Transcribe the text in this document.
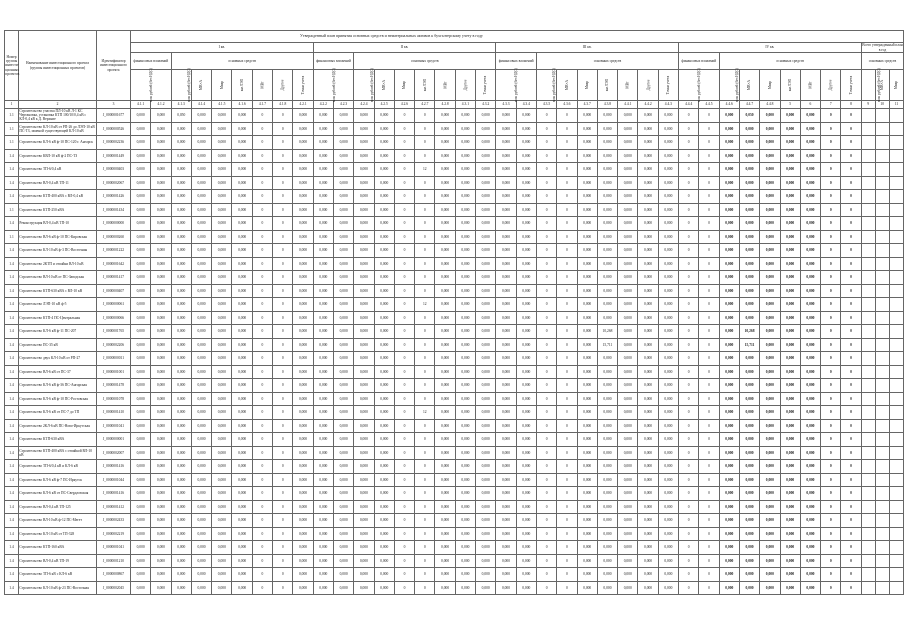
Утвержденный план принятия основных средств и нематериальных активов к бухгалтерскому учету в году
Номер группы инвести- ционных проектов	Наименование инвестиционного проекта (группы инвестиционных проектов)	Идентификатор инвестиционного проекта																																							
			I кв.									II кв.									III кв.									IV кв.									Всего утвержденный план в год		
			финансовых вложений		основных средств							финансовых вложений		основных средств							финансовых вложений		основных средств							финансовых вложений		основных средств							основных средств		
			млн рублей (без НДС)		млн рублей (без НДС)	МВ×А	Мвар	км ЛЭП	МВт	Другое	Точки учета	млн рублей (без НДС)		млн рублей (без НДС)	МВ×А	Мвар	км ЛЭП	МВт	Другое	Точки учета	млн рублей (без НДС)		млн рублей (без НДС)	МВ×А	Мвар	км ЛЭП	МВт	Другое	Точки учета	млн рублей (без НДС)		млн рублей (без НДС)	МВ×А	Мвар	км ЛЭП	МВт	Другое	Точки учета	млн рублей (без НДС)	МВ×А	Мвар
1	2	3	4.1.1	4.1.2	4.1.3	4.1.4	4.1.5	4.1.6	4.1.7	4.1.8	4.2.1	4.2.2	4.2.3	4.2.4	4.2.5	4.2.6	4.2.7	4.2.8	4.3.1	4.3.2	4.3.3	4.3.4	4.3.5	4.3.6	4.3.7	4.3.8	4.4.1	4.4.2	4.4.3	4.4.4	4.4.5	4.4.6	4.4.7	4.4.8	5	6	7	8	9	10	11
1.1	Строительство участка ПЛ-10 кВ Л-1 КС Чертановка, установка КТП 100/10/0,4 кВ с КЛ-0,4 кВ к Д. Верхние	J_0000001677	0,000	0,000	0,050	0,000	0,000	0,000	0	0	0,000	0,000	0,000	0,000	0,000	0	0	0,000	0,000	0,000	0,000	0,000	0	0	0,000	0,000	0,000	0,000	0,000	0	0	0,000	0,050	0,000	0,000	0,000	0	0			
1.1	Строительство КЛ-10 кВ от РП-26 до ЛЭП-10 кВ ПС-ТЗ, заменой существующей КЛ-10 кВ	J_0000000526	0,000	0,000	0,000	0,000	0,000	0,000	0	0	0,000	0,000	0,000	0,000	0,000	0	0	0,000	0,000	0,000	0,000	0,000	0	0	0,000	0,000	0,000	0,000	0,000	0	0	0,000	0,000	0,000	0,000	0,000	0	0			
1.1	Строительство КЛ-6 кВ ф-10 ПС-120 г. Ангарск	J_0000002236	0,000	0,000	0,000	0,000	0,000	0,000	0	0	0,000	0,000	0,000	0,000	0,000	0	0	0,000	0,000	0,000	0,000	0,000	0	0	0,000	0,000	0,000	0,000	0,000	0	0	0,000	0,000	0,000	0,000	0,000	0	0			
1.4	Строительство КВЛ-10 кВ ф-2 ПС-ТЗ	J_0000001449	0,000	0,000	0,000	0,000	0,000	0,000	0	0	0,000	0,000	0,000	0,000	0,000	0	0	0,000	0,000	0,000	0,000	0,000	0	0	0,000	0,000	0,000	0,000	0,000	0	0	0,000	0,000	0,000	0,000	0,000	0	0			
1.4	Строительство ТП-6/0,4 кВ	J_0000000403	0,000	0,000	0,000	0,000	0,000	0,000	0	0	0,000	0,000	0,000	0,000	0,000	0	12	0,000	0,000	0,000	0,000	0,000	0	0	0,000	0,000	0,000	0,000	0,000	0	0	0,000	0,000	0,000	0,000	0,000	0	0			
1.4	Строительство ВЛ-0,4 кВ ТП-11	J_0000002067	0,000	0,000	0,000	0,000	0,000	0,000	0	0	0,000	0,000	0,000	0,000	0,000	0	0	0,000	0,000	0,000	0,000	0,000	0	0	0,000	0,000	0,000	0,000	0,000	0	0	0,000	0,000	0,000	0,000	0,000	0	0			
1.4	Строительство КТП-400 кВА с ВЛ-0,4 кВ	J_0000001426	0,000	0,000	0,000	0,000	0,000	0,000	0	0	0,000	0,000	0,000	0,000	0,000	0	0	0,000	0,000	0,000	0,000	0,000	0	0	0,000	0,000	0,000	0,000	0,000	0	0	0,000	0,000	0,000	0,000	0,000	0	0			
1.1	Строительство КТП-250 кВА	J_0000001434	0,000	0,000	0,000	0,000	0,000	0,000	0	0	0,000	0,000	0,000	0,000	0,000	0	0	0,000	0,000	0,000	0,000	0,000	0	0	0,000	0,000	0,000	0,000	0,000	0	0	0,000	0,000	0,000	0,000	0,000	0	0			
1.4	Реконструкция ВЛ-0,4 кВ ТП-10	J_0000000000	0,000	0,000	0,000	0,000	0,000	0,000	0	0	0,000	0,000	0,000	0,000	0,000	0	0	0,000	0,000	0,000	0,000	0,000	0	0	0,000	0,000	0,000	0,000	0,000	0	0	0,000	0,000	0,000	0,000	0,000	0	0			
1.1	Строительство ВЛ-6 кВ ф-10 ПС-Кировская	J_0000000260	0,000	0,000	0,000	0,000	0,000	0,000	0	0	0,000	0,000	0,000	0,000	0,000	0	0	0,000	0,000	0,000	0,000	0,000	0	0	0,000	0,000	0,000	0,000	0,000	0	0	0,000	0,000	0,000	0,000	0,000	0	0			
1.4	Строительство КЛ-10 кВ ф-3 ПС-Восточная	J_0000001222	0,000	0,000	0,000	0,000	0,000	0,000	0	0	0,000	0,000	0,000	0,000	0,000	0	0	0,000	0,000	0,000	0,000	0,000	0	0	0,000	0,000	0,000	0,000	0,000	0	0	0,000	0,000	0,000	0,000	0,000	0	0			
1.4	Строительство 2КТП и отпайки ВЛ-10 кВ	J_0000001642	0,000	0,000	0,000	0,000	0,000	0,000	0	0	0,000	0,000	0,000	0,000	0,000	0	0	0,000	0,000	0,000	0,000	0,000	0	0	0,000	0,000	0,000	0,000	0,000	0	0	0,000	0,000	0,000	0,000	0,000	0	0			
1.4	Строительство ВЛ-10 кВ от ПС-Заводская	J_0000001417	0,000	0,000	0,000	0,000	0,000	0,000	0	0	0,000	0,000	0,000	0,000	0,000	0	0	0,000	0,000	0,000	0,000	0,000	0	0	0,000	0,000	0,000	0,000	0,000	0	0	0,000	0,000	0,000	0,000	0,000	0	0			
1.4	Строительство КТП-630 кВА с ВЛ-10 кВ	J_0000000407	0,000	0,000	0,000	0,000	0,000	0,000	0	0	0,000	0,000	0,000	0,000	0,000	0	0	0,000	0,000	0,000	0,000	0,000	0	0	0,000	0,000	0,000	0,000	0,000	0	0	0,000	0,000	0,000	0,000	0,000	0	0			
1.4	Строительство ЛЭП-10 кВ ф-5	J_0000000061	0,000	0,000	0,000	0,000	0,000	0,000	0	0	0,000	0,000	0,000	0,000	0,000	0	12	0,000	0,000	0,000	0,000	0,000	0	0	0,000	0,000	0,000	0,000	0,000	0	0	0,000	0,000	0,000	0,000	0,000	0	0			
1.4	Строительство КТП-4 ПС-Центральная	J_0000000066	0,000	0,000	0,000	0,000	0,000	0,000	0	0	0,000	0,000	0,000	0,000	0,000	0	0	0,000	0,000	0,000	0,000	0,000	0	0	0,000	0,000	0,000	0,000	0,000	0	0	0,000	0,000	0,000	0,000	0,000	0	0			
1.4	Строительство КЛ-6 кВ ф-11 ПС-207	J_0000001765	0,000	0,000	0,000	0,000	0,000	0,000	0	0	0,000	0,000	0,000	0,000	0,000	0	0	0,000	0,000	0,000	0,000	0,000	0	0	0,000	10,268	0,000	0,000	0,000	0	0	0,000	10,268	0,000	0,000	0,000	0	0			
1.4	Строительство ПС-35 кВ	J_0000002206	0,000	0,000	0,000	0,000	0,000	0,000	0	0	0,000	0,000	0,000	0,000	0,000	0	0	0,000	0,000	0,000	0,000	0,000	0	0	0,000	15,711	0,000	0,000	0,000	0	0	0,000	15,711	0,000	0,000	0,000	0	0			
1.4	Строительство двух КЛ-10 кВ от РП-27	J_0000000011	0,000	0,000	0,000	0,000	0,000	0,000	0	0	0,000	0,000	0,000	0,000	0,000	0	0	0,000	0,000	0,000	0,000	0,000	0	0	0,000	0,000	0,000	0,000	0,000	0	0	0,000	0,000	0,000	0,000	0,000	0	0			
1.4	Строительство ВЛ-6 кВ от ПС-37	J_0000001001	0,000	0,000	0,000	0,000	0,000	0,000	0	0	0,000	0,000	0,000	0,000	0,000	0	0	0,000	0,000	0,000	0,000	0,000	0	0	0,000	0,000	0,000	0,000	0,000	0	0	0,000	0,000	0,000	0,000	0,000	0	0			
1.4	Строительство КЛ-6 кВ ф-36 ПС-Ангарская	J_0000001478	0,000	0,000	0,000	0,000	0,000	0,000	0	0	0,000	0,000	0,000	0,000	0,000	0	0	0,000	0,000	0,000	0,000	0,000	0	0	0,000	0,000	0,000	0,000	0,000	0	0	0,000	0,000	0,000	0,000	0,000	0	0			
1.4	Строительство КЛ-6 кВ ф-10 ПС-Ростовская	J_0000001078	0,000	0,000	0,000	0,000	0,000	0,000	0	0	0,000	0,000	0,000	0,000	0,000	0	0	0,000	0,000	0,000	0,000	0,000	0	0	0,000	0,000	0,000	0,000	0,000	0	0	0,000	0,000	0,000	0,000	0,000	0	0			
1.4	Строительство КЛ-6 кВ от ПС-7 до ТП	J_0000001410	0,000	0,000	0,000	0,000	0,000	0,000	0	0	0,000	0,000	0,000	0,000	0,000	0	12	0,000	0,000	0,000	0,000	0,000	0	0	0,000	0,000	0,000	0,000	0,000	0	0	0,000	0,000	0,000	0,000	0,000	0	0			
1.4	Строительство 2КЛ-6 кВ ПС-Ново-Иркутская	J_0000001041	0,000	0,000	0,000	0,000	0,000	0,000	0	0	0,000	0,000	0,000	0,000	0,000	0	0	0,000	0,000	0,000	0,000	0,000	0	0	0,000	0,000	0,000	0,000	0,000	0	0	0,000	0,000	0,000	0,000	0,000	0	0			
1.4	Строительство КТП-630 кВА	J_0000000001	0,000	0,000	0,000	0,000	0,000	0,000	0	0	0,000	0,000	0,000	0,000	0,000	0	0	0,000	0,000	0,000	0,000	0,000	0	0	0,000	0,000	0,000	0,000	0,000	0	0	0,000	0,000	0,000	0,000	0,000	0	0			
1.4	Строительство КТП-400 кВА с отпайкой ВЛ-10 кВ	J_0000002007	0,000	0,000	0,000	0,000	0,000	0,000	0	0	0,000	0,000	0,000	0,000	0,000	0	0	0,000	0,000	0,000	0,000	0,000	0	0	0,000	0,000	0,000	0,000	0,000	0	0	0,000	0,000	0,000	0,000	0,000	0	0			
1.4	Строительство ТП-6/0,4 кВ и КЛ-6 кВ	J_0000001416	0,000	0,000	0,000	0,000	0,000	0,000	0	0	0,000	0,000	0,000	0,000	0,000	0	0	0,000	0,000	0,000	0,000	0,000	0	0	0,000	0,000	0,000	0,000	0,000	0	0	0,000	0,000	0,000	0,000	0,000	0	0			
1.4	Строительство КЛ-6 кВ ф-7 ПС-Иркутск	J_0000001044	0,000	0,000	0,000	0,000	0,000	0,000	0	0	0,000	0,000	0,000	0,000	0,000	0	0	0,000	0,000	0,000	0,000	0,000	0	0	0,000	0,000	0,000	0,000	0,000	0	0	0,000	0,000	0,000	0,000	0,000	0	0			
1.4	Строительство КЛ-6 кВ от ПС-Свердловская	J_0000001416	0,000	0,000	0,000	0,000	0,000	0,000	0	0	0,000	0,000	0,000	0,000	0,000	0	0	0,000	0,000	0,000	0,000	0,000	0	0	0,000	0,000	0,000	0,000	0,000	0	0	0,000	0,000	0,000	0,000	0,000	0	0			
1.4	Строительство ВЛ-0,4 кВ ТП-125	J_0000001412	0,000	0,000	0,000	0,000	0,000	0,000	0	0	0,000	0,000	0,000	0,000	0,000	0	0	0,000	0,000	0,000	0,000	0,000	0	0	0,000	0,000	0,000	0,000	0,000	0	0	0,000	0,000	0,000	0,000	0,000	0	0			
1.4	Строительство ВЛ-10 кВ ф-12 ПС-Мегет	J_0000002433	0,000	0,000	0,000	0,000	0,000	0,000	0	0	0,000	0,000	0,000	0,000	0,000	0	0	0,000	0,000	0,000	0,000	0,000	0	0	0,000	0,000	0,000	0,000	0,000	0	0	0,000	0,000	0,000	0,000	0,000	0	0			
1.4	Строительство КЛ-10 кВ от ТП-328	J_0000002219	0,000	0,000	0,000	0,000	0,000	0,000	0	0	0,000	0,000	0,000	0,000	0,000	0	0	0,000	0,000	0,000	0,000	0,000	0	0	0,000	0,000	0,000	0,000	0,000	0	0	0,000	0,000	0,000	0,000	0,000	0	0			
1.4	Строительство КТП-160 кВА	J_0000001041	0,000	0,000	0,000	0,000	0,000	0,000	0	0	0,000	0,000	0,000	0,000	0,000	0	0	0,000	0,000	0,000	0,000	0,000	0	0	0,000	0,000	0,000	0,000	0,000	0	0	0,000	0,000	0,000	0,000	0,000	0	0			
1.4	Строительство ВЛ-0,4 кВ ТП-19	J_0000001210	0,000	0,000	0,000	0,000	0,000	0,000	0	0	0,000	0,000	0,000	0,000	0,000	0	0	0,000	0,000	0,000	0,000	0,000	0	0	0,000	0,000	0,000	0,000	0,000	0	0	0,000	0,000	0,000	0,000	0,000	0	0			
1.4	Строительство ТП-6 кВ с КЛ-6 кВ	J_0000000867	0,000	0,000	0,000	0,000	0,000	0,000	0	0	0,000	0,000	0,000	0,000	0,000	0	0	0,000	0,000	0,000	0,000	0,000	0	0	0,000	0,000	0,000	0,000	0,000	0	0	0,000	0,000	0,000	0,000	0,000	0	0			
1.4	Строительство КЛ-10 кВ ф-23 ПС-Восточная	J_0000002045	0,000	0,000	0,000	0,000	0,000	0,000	0	0	0,000	0,000	0,000	0,000	0,000	0	0	0,000	0,000	0,000	0,000	0,000	0	0	0,000	0,000	0,000	0,000	0,000	0	0	0,000	0,000	0,000	0,000	0,000	0	0			
